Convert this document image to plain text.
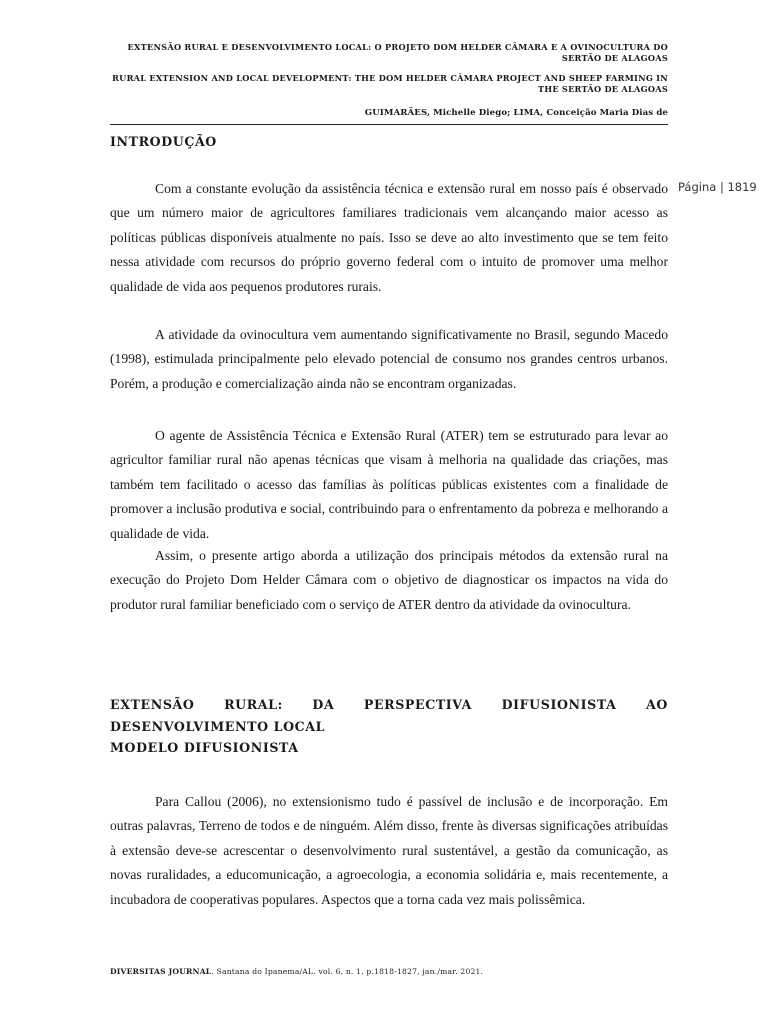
EXTENSÃO RURAL E DESENVOLVIMENTO LOCAL: O PROJETO DOM HELDER CÂMARA E A OVINOCULTURA DO SERTÃO DE ALAGOAS
RURAL EXTENSION AND LOCAL DEVELOPMENT: THE DOM HELDER CÂMARA PROJECT AND SHEEP FARMING IN THE SERTÃO DE ALAGOAS
GUIMARÃES, Michelle Diego; LIMA, Conceição Maria Dias de
Página | 1819
INTRODUÇÃO

Com a constante evolução da assistência técnica e extensão rural em nosso país é observado que um número maior de agricultores familiares tradicionais vem alcançando maior acesso as políticas públicas disponíveis atualmente no país. Isso se deve ao alto investimento que se tem feito nessa atividade com recursos do próprio governo federal com o intuito de promover uma melhor qualidade de vida aos pequenos produtores rurais.

A atividade da ovinocultura vem aumentando significativamente no Brasil, segundo Macedo (1998), estimulada principalmente pelo elevado potencial de consumo nos grandes centros urbanos. Porém, a produção e comercialização ainda não se encontram organizadas.

O agente de Assistência Técnica e Extensão Rural (ATER) tem se estruturado para levar ao agricultor familiar rural não apenas técnicas que visam à melhoria na qualidade das criações, mas também tem facilitado o acesso das famílias às políticas públicas existentes com a finalidade de promover a inclusão produtiva e social, contribuindo para o enfrentamento da pobreza e melhorando a qualidade de vida.

Assim, o presente artigo aborda a utilização dos principais métodos da extensão rural na execução do Projeto Dom Helder Câmara com o objetivo de diagnosticar os impactos na vida do produtor rural familiar beneficiado com o serviço de ATER dentro da atividade da ovinocultura.

EXTENSÃO RURAL: DA PERSPECTIVA DIFUSIONISTA AO DESENVOLVIMENTO LOCAL
MODELO DIFUSIONISTA

Para Callou (2006), no extensionismo tudo é passível de inclusão e de incorporação. Em outras palavras, Terreno de todos e de ninguém. Além disso, frente às diversas significações atribuídas à extensão deve-se acrescentar o desenvolvimento rural sustentável, a gestão da comunicação, as novas ruralidades, a educomunicação, a agroecologia, a economia solidária e, mais recentemente, a incubadora de cooperativas populares. Aspectos que a torna cada vez mais polissêmica.

DIVERSITAS JOURNAL. Santana do Ipanema/AL. vol. 6, n. 1, p.1818-1827, jan./mar. 2021.
